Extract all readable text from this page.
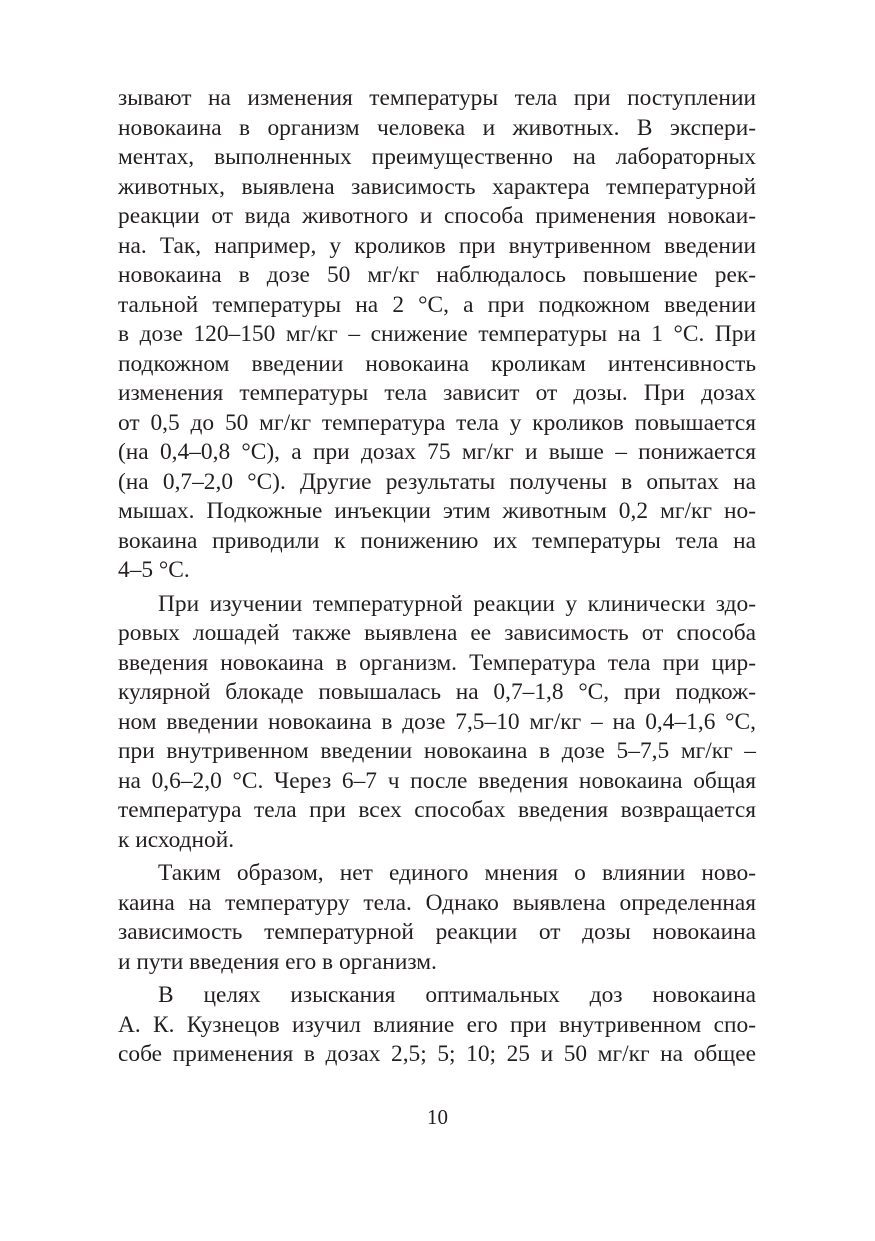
зывают на изменения температуры тела при поступлении
новокаина в организм человека и животных. В экспери-
ментах, выполненных преимущественно на лабораторных
животных, выявлена зависимость характера температурной
реакции от вида животного и способа применения новокаи-
на. Так, например, у кроликов при внутривенном введении
новокаина в дозе 50 мг/кг наблюдалось повышение рек-
тальной температуры на 2 °С, а при подкожном введении
в дозе 120–150 мг/кг – снижение температуры на 1 °С. При
подкожном введении новокаина кроликам интенсивность
изменения температуры тела зависит от дозы. При дозах
от 0,5 до 50 мг/кг температура тела у кроликов повышается
(на 0,4–0,8 °С), а при дозах 75 мг/кг и выше – понижается
(на 0,7–2,0 °С). Другие результаты получены в опытах на
мышах. Подкожные инъекции этим животным 0,2 мг/кг но-
вокаина приводили к понижению их температуры тела на
4–5 °С.
При изучении температурной реакции у клинически здо-
ровых лошадей также выявлена ее зависимость от способа
введения новокаина в организм. Температура тела при цир-
кулярной блокаде повышалась на 0,7–1,8 °С, при подкож-
ном введении новокаина в дозе 7,5–10 мг/кг – на 0,4–1,6 °С,
при внутривенном введении новокаина в дозе 5–7,5 мг/кг –
на 0,6–2,0 °С. Через 6–7 ч после введения новокаина общая
температура тела при всех способах введения возвращается
к исходной.
Таким образом, нет единого мнения о влиянии ново-
каина на температуру тела. Однако выявлена определенная
зависимость температурной реакции от дозы новокаина
и пути введения его в организм.
В целях изыскания оптимальных доз новокаина
А. К. Кузнецов изучил влияние его при внутривенном спо-
собе применения в дозах 2,5; 5; 10; 25 и 50 мг/кг на общее
10
